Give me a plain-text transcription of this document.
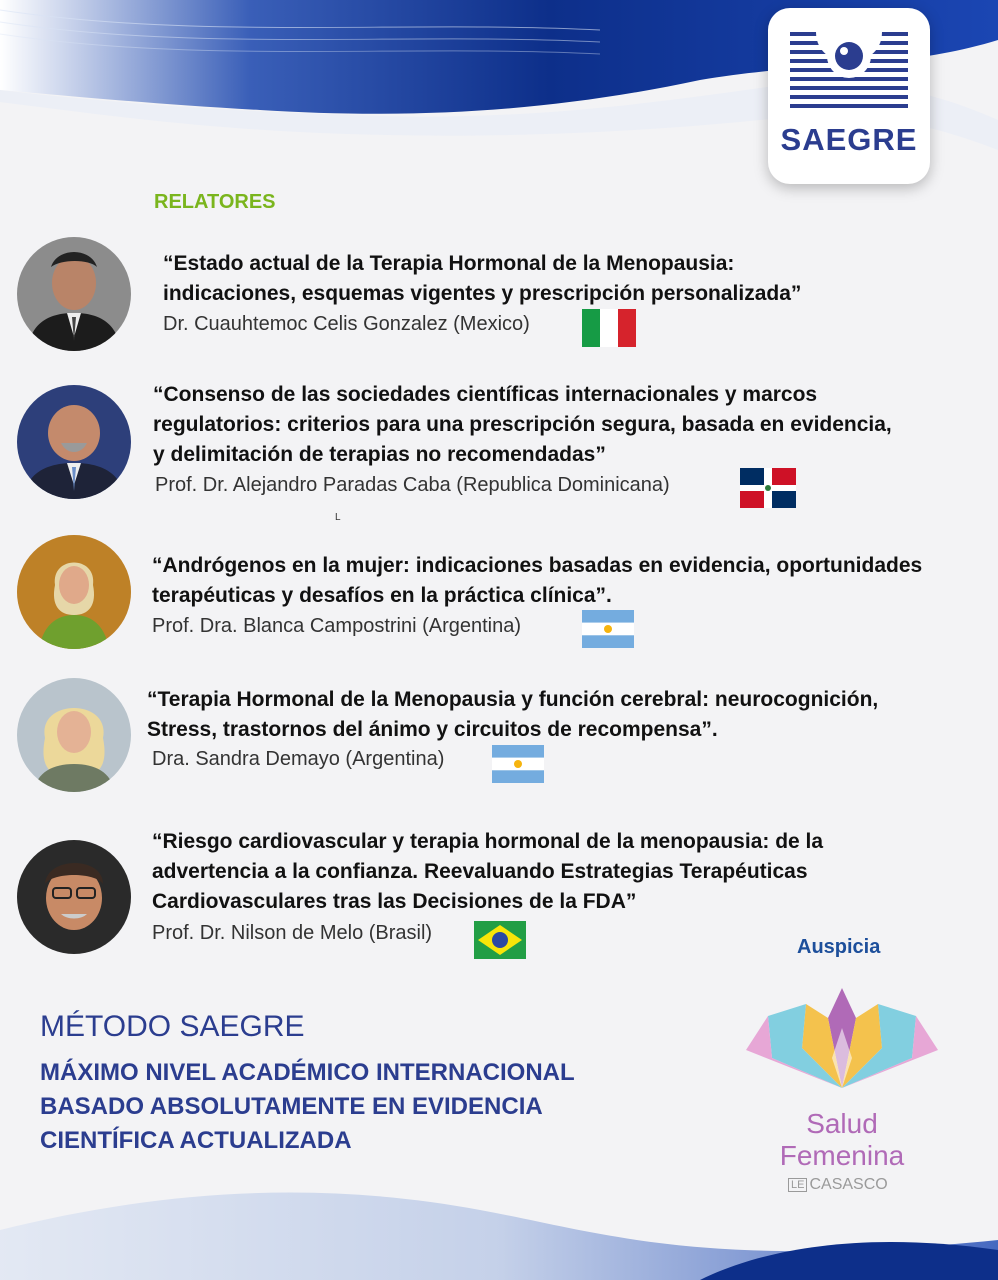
SAEGRE
RELATORES
“Estado actual de la Terapia Hormonal de la Menopausia:
indicaciones, esquemas vigentes y prescripción personalizada”
Dr. Cuauhtemoc Celis Gonzalez (Mexico)
“Consenso de las sociedades científicas internacionales y marcos
regulatorios: criterios para una prescripción segura, basada en evidencia,
y delimitación de terapias no recomendadas”
Prof. Dr. Alejandro Paradas Caba (Republica Dominicana)
L
“Andrógenos en la mujer: indicaciones basadas en evidencia, oportunidades
terapéuticas y desafíos en la práctica clínica”.
Prof. Dra. Blanca Campostrini (Argentina)
“Terapia Hormonal de la Menopausia y función cerebral: neurocognición,
Stress, trastornos del ánimo y circuitos de recompensa”.
Dra. Sandra Demayo (Argentina)
“Riesgo cardiovascular y terapia hormonal de la menopausia: de la
advertencia a la confianza. Reevaluando Estrategias Terapéuticas
Cardiovasculares tras las Decisiones de la FDA”
Prof. Dr. Nilson de Melo (Brasil)
Auspicia
Salud
Femenina
LE CASASCO
MÉTODO SAEGRE
MÁXIMO NIVEL ACADÉMICO INTERNACIONAL
BASADO ABSOLUTAMENTE EN EVIDENCIA
CIENTÍFICA ACTUALIZADA
